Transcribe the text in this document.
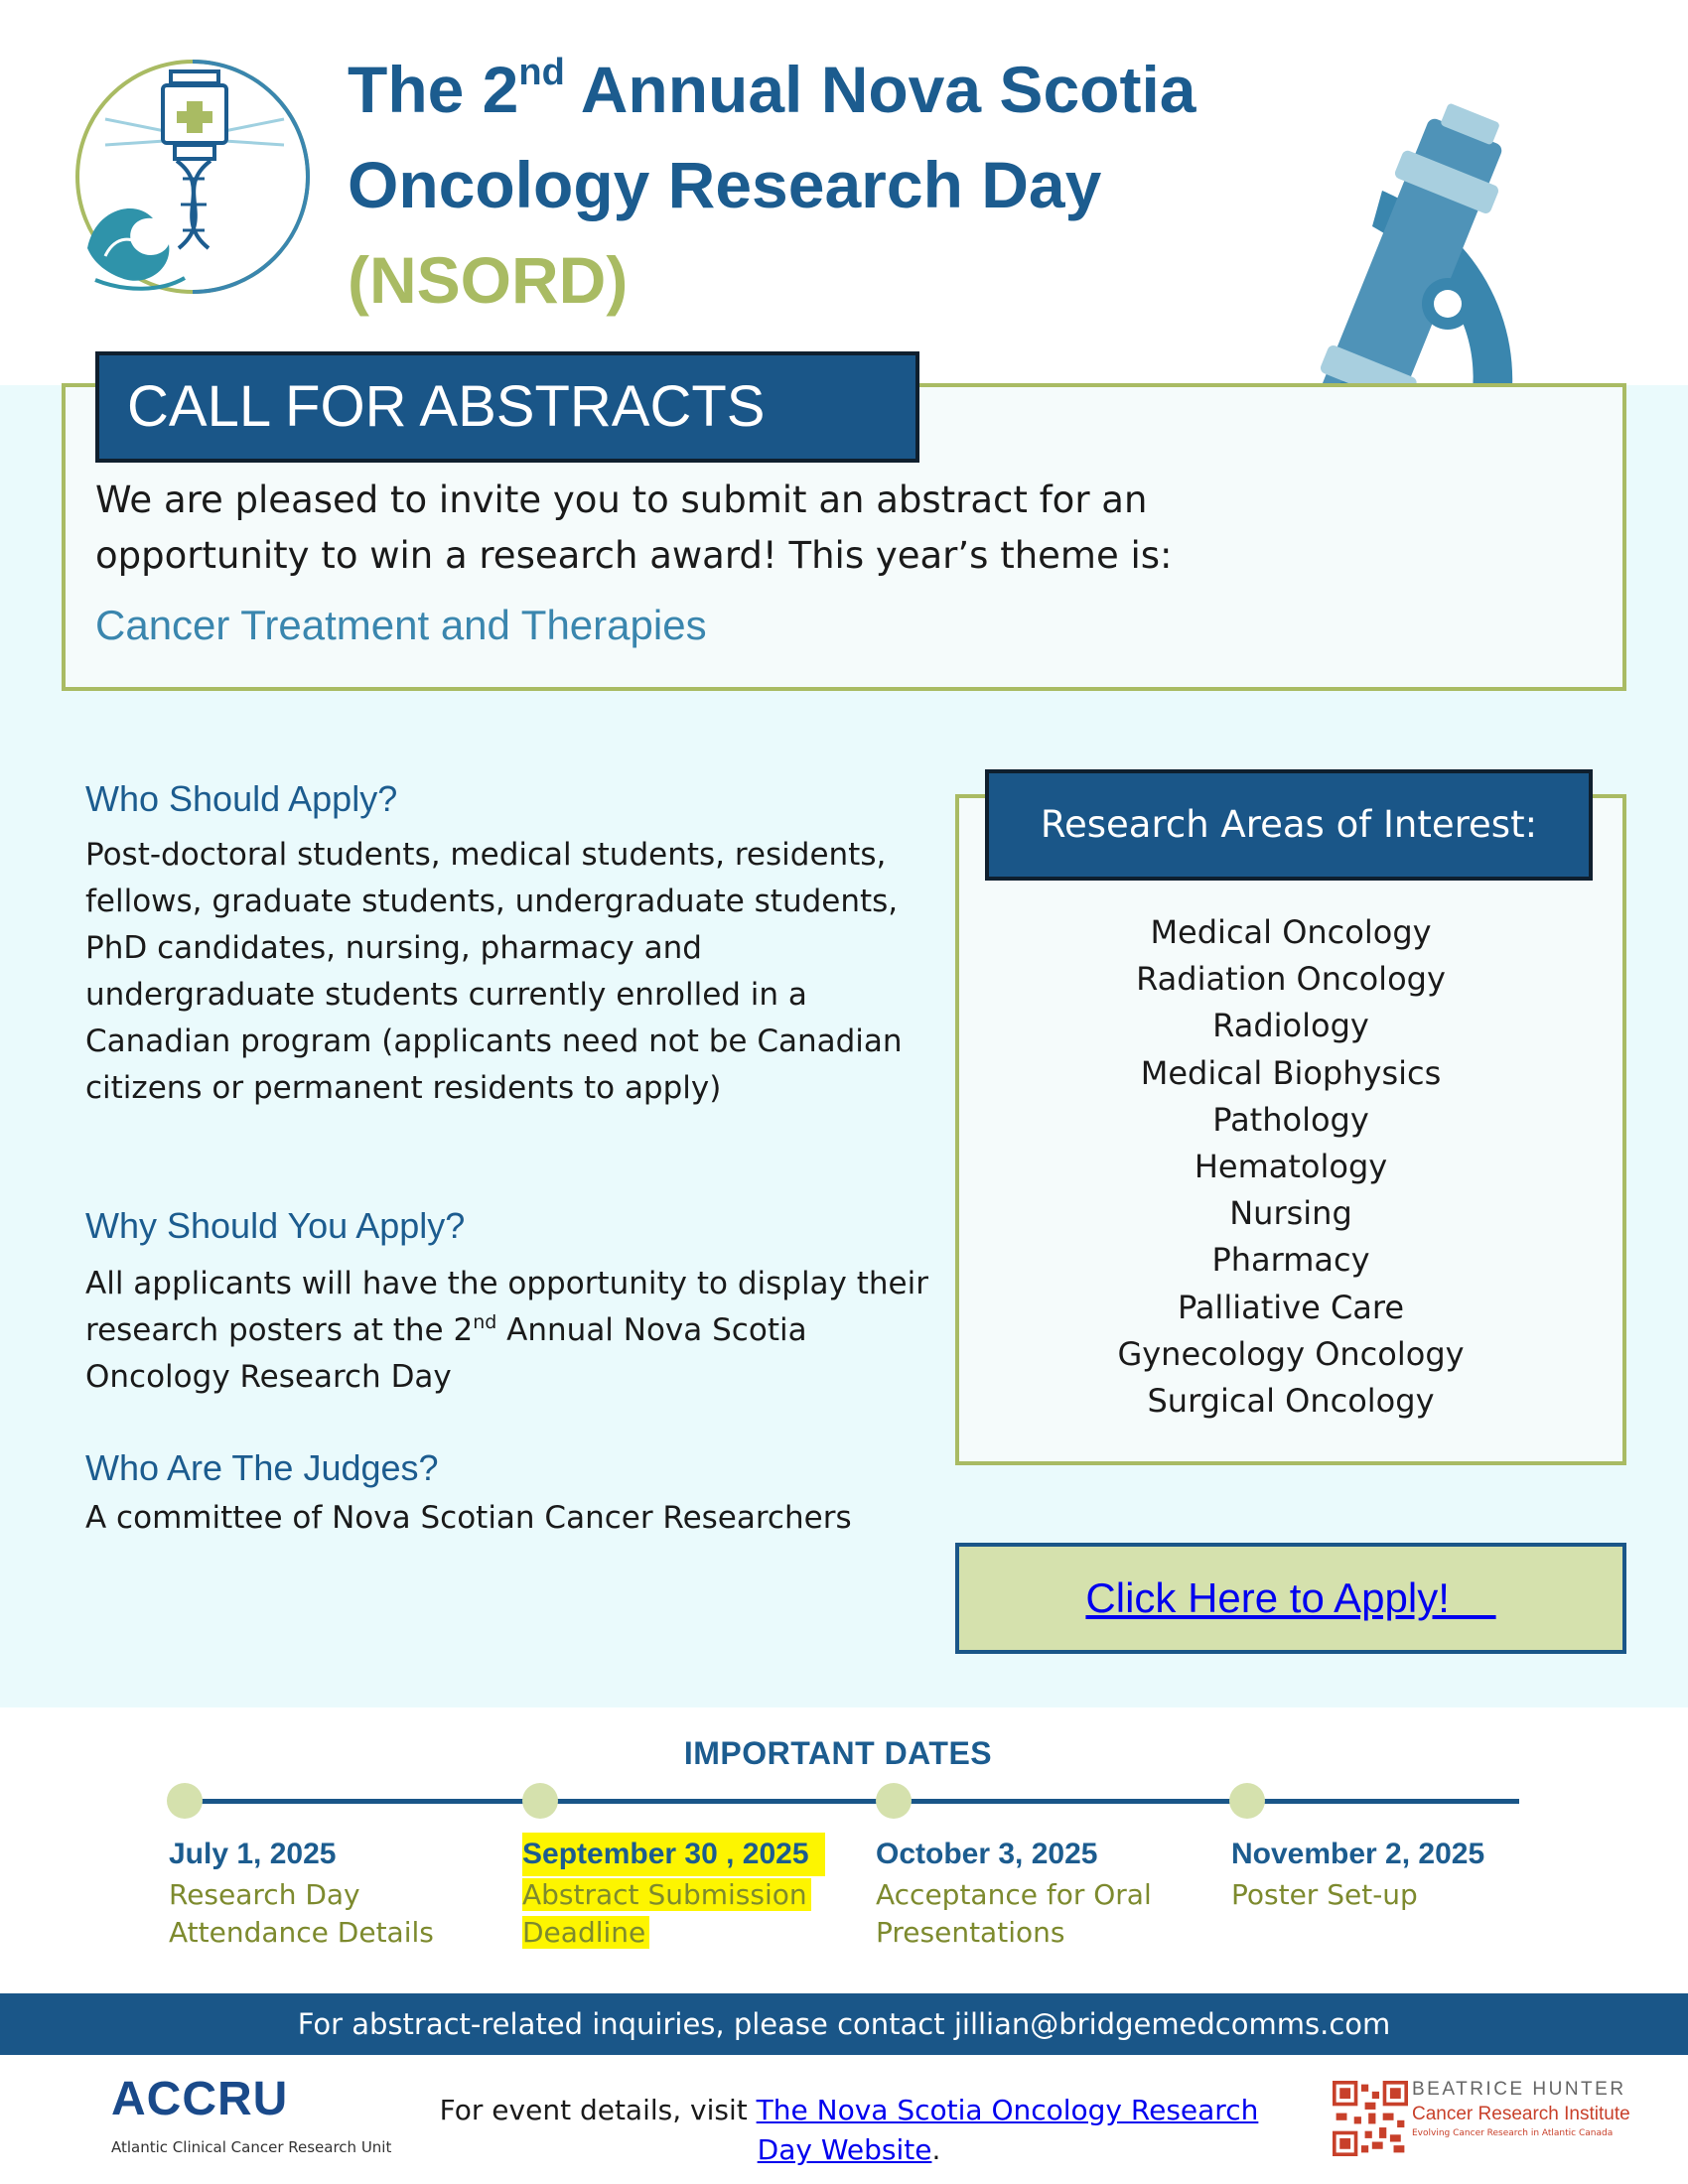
The 2nd Annual Nova Scotia
Oncology Research Day
(NSORD)
CALL FOR ABSTRACTS
We are pleased to invite you to submit an abstract for an opportunity to win a research award! This year’s theme is:
Cancer Treatment and Therapies
Who Should Apply?
Post-doctoral students, medical students, residents, fellows, graduate students, undergraduate students, PhD candidates, nursing, pharmacy and undergraduate students currently enrolled in a Canadian program (applicants need not be Canadian citizens or permanent residents to apply)
Why Should You Apply?
All applicants will have the opportunity to display their research posters at the 2nd Annual Nova Scotia Oncology Research Day
Who Are The Judges?
A committee of Nova Scotian Cancer Researchers
Research Areas of Interest:
Medical Oncology
Radiation Oncology
Radiology
Medical Biophysics
Pathology
Hematology
Nursing
Pharmacy
Palliative Care
Gynecology Oncology
Surgical Oncology
Click Here to Apply!
IMPORTANT DATES
July 1, 2025
Research Day
Attendance Details
September 30 , 2025
Abstract Submission
Deadline
October 3, 2025
Acceptance for Oral
Presentations
November 2, 2025
Poster Set-up

For abstract-related inquiries, please contact jillian@bridgemedcomms.com
ACCRU
Atlantic Clinical Cancer Research Unit
For event details, visit The Nova Scotia Oncology Research Day Website.
BEATRICE HUNTER
Cancer Research Institute
Evolving Cancer Research in Atlantic Canada
